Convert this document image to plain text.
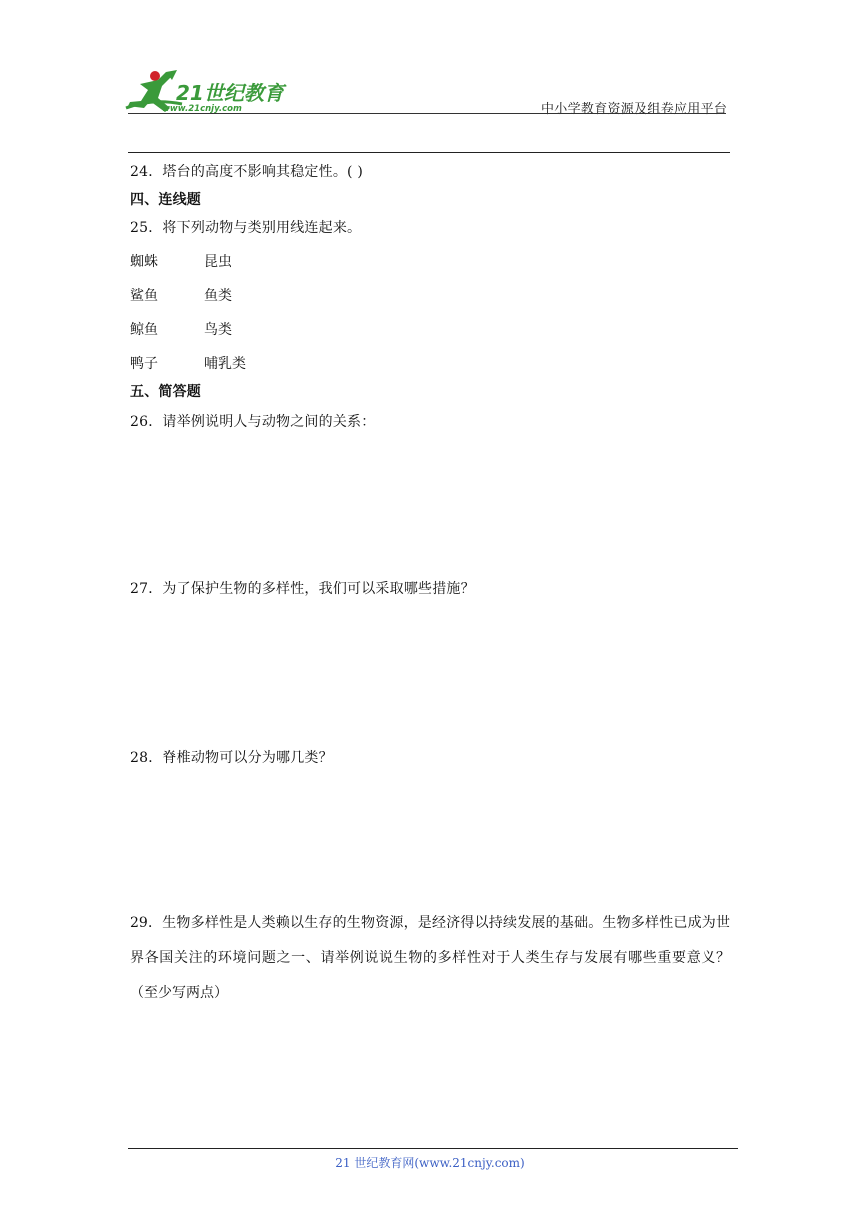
21世纪教育
www.21cnjy.com	中小学教育资源及组卷应用平台
24．塔台的高度不影响其稳定性。( )
四、连线题
25．将下列动物与类别用线连起来。
蜘蛛	昆虫
鲨鱼	鱼类
鲸鱼	鸟类
鸭子	哺乳类
五、简答题
26．请举例说明人与动物之间的关系：
27．为了保护生物的多样性，我们可以采取哪些措施？
28．脊椎动物可以分为哪几类？
29．生物多样性是人类赖以生存的生物资源，是经济得以持续发展的基础。生物多样性已成为世界各国关注的环境问题之一、请举例说说生物的多样性对于人类生存与发展有哪些重要意义？（至少写两点）
21 世纪教育网(www.21cnjy.com)
